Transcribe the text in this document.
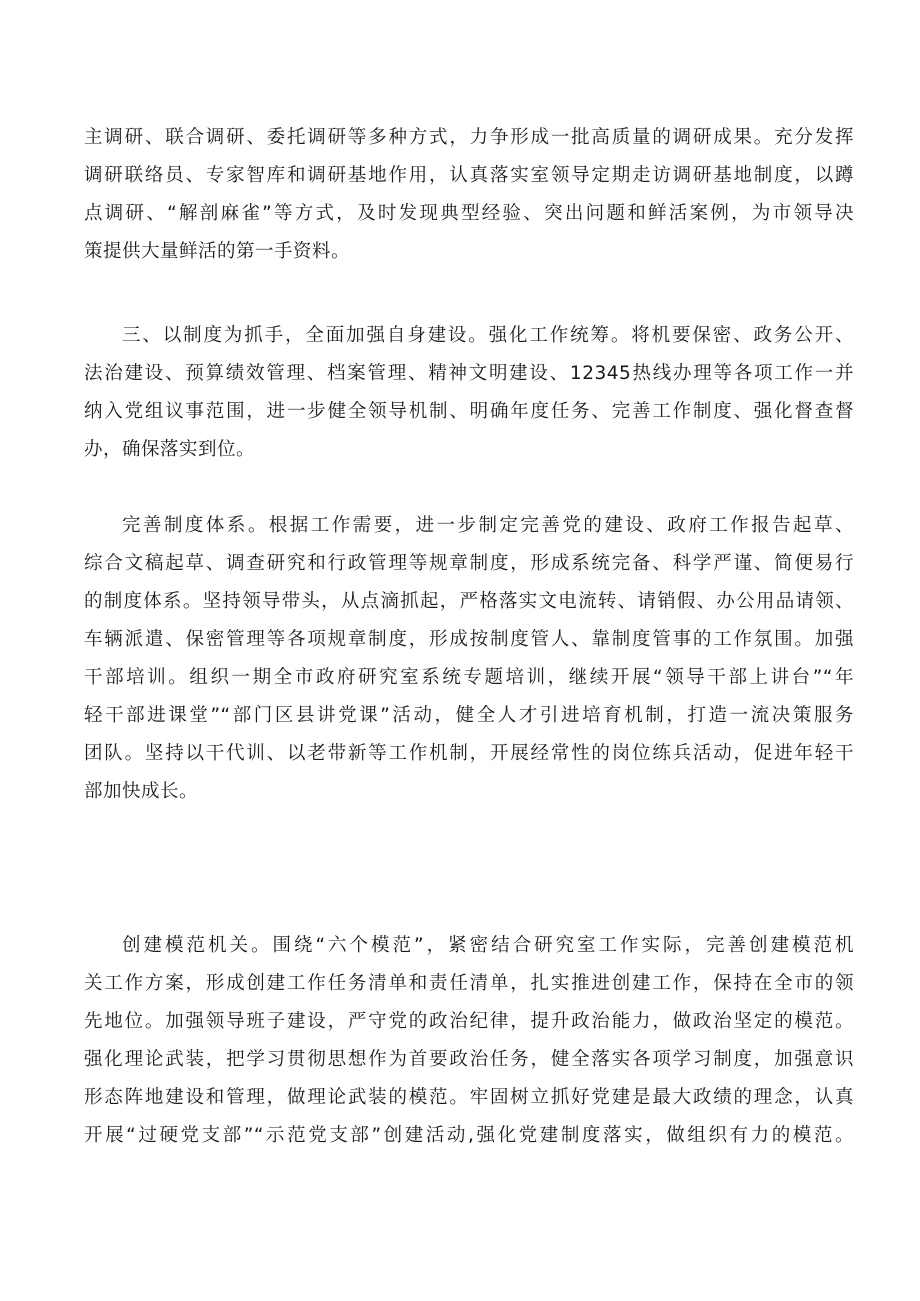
主调研、联合调研、委托调研等多种方式，力争形成一批高质量的调研成果。充分发挥
调研联络员、专家智库和调研基地作用，认真落实室领导定期走访调研基地制度，以蹲
点调研、“解剖麻雀”等方式，及时发现典型经验、突出问题和鲜活案例，为市领导决
策提供大量鲜活的第一手资料。
三、以制度为抓手，全面加强自身建设。强化工作统筹。将机要保密、政务公开、
法治建设、预算绩效管理、档案管理、精神文明建设、12345热线办理等各项工作一并
纳入党组议事范围，进一步健全领导机制、明确年度任务、完善工作制度、强化督查督
办，确保落实到位。
完善制度体系。根据工作需要，进一步制定完善党的建设、政府工作报告起草、
综合文稿起草、调查研究和行政管理等规章制度，形成系统完备、科学严谨、简便易行
的制度体系。坚持领导带头，从点滴抓起，严格落实文电流转、请销假、办公用品请领、
车辆派遣、保密管理等各项规章制度，形成按制度管人、靠制度管事的工作氛围。加强
干部培训。组织一期全市政府研究室系统专题培训，继续开展“领导干部上讲台”“年
轻干部进课堂”“部门区县讲党课”活动，健全人才引进培育机制，打造一流决策服务
团队。坚持以干代训、以老带新等工作机制，开展经常性的岗位练兵活动，促进年轻干
部加快成长。
创建模范机关。围绕“六个模范”，紧密结合研究室工作实际，完善创建模范机
关工作方案，形成创建工作任务清单和责任清单，扎实推进创建工作，保持在全市的领
先地位。加强领导班子建设，严守党的政治纪律，提升政治能力，做政治坚定的模范。
强化理论武装，把学习贯彻思想作为首要政治任务，健全落实各项学习制度，加强意识
形态阵地建设和管理，做理论武装的模范。牢固树立抓好党建是最大政绩的理念，认真
开展“过硬党支部”“示范党支部”创建活动,强化党建制度落实，做组织有力的模范。
